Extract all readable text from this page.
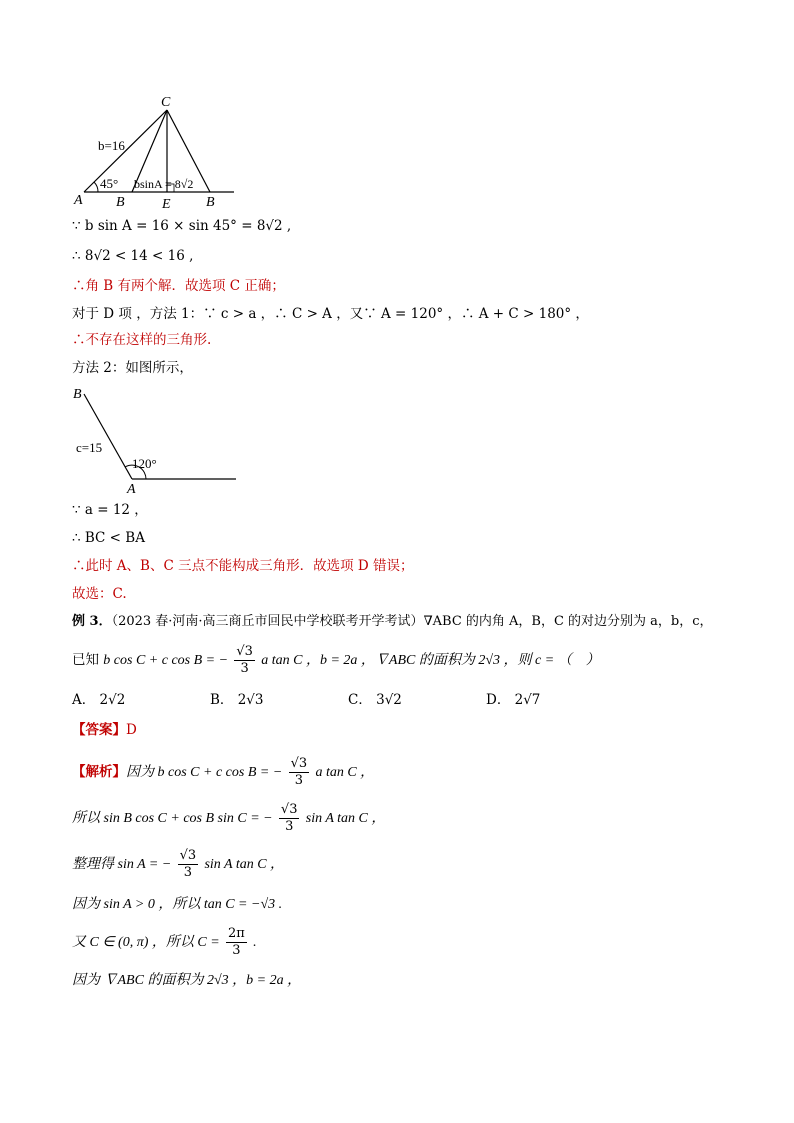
C
b=16
45° bsinA = 8√2
A B	E	B
∵ b sin A = 16 × sin 45° = 8√2 ,
∴ 8√2 < 14 < 16 ,
∴角 B 有两个解．故选项 C 正确；
对于 D 项 ，方法 1：∵ c > a ，∴ C > A ，又∵ A = 120° ，∴ A + C > 180° ，
∴不存在这样的三角形.
方法 2：如图所示，
B
c=15
120°
A
∵ a = 12 ，
∴ BC < BA
∴此时 A、B、C 三点不能构成三角形．故选项 D 错误；
故选：C.
例 3．（2023 春·河南·高三商丘市回民中学校联考开学考试）∇ABC 的内角 A，B，C 的对边分别为 a，b，c，
已知 b cos C + c cos B = − $\frac{√3}{3}$ a tan C ，b = 2a ，∇ABC 的面积为 2√3 ，则 c = （　）
A． 2√2	B． 2√3	C． 3√2	D． 2√7
【答案】D
【解析】因为 b cos C + c cos B = − $\frac{√3}{3}$ a tan C ，
所以 sin B cos C + cos B sin C = − $\frac{√3}{3}$ sin A tan C ，
整理得 sin A = − $\frac{√3}{3}$ sin A tan C ，
因为 sin A > 0 ，所以 tan C = −√3 .
又 C ∈ (0, π) ，所以 $C = \frac{2\pi}{3}$ .
因为 ∇ABC 的面积为 2√3 ，b = 2a ，
